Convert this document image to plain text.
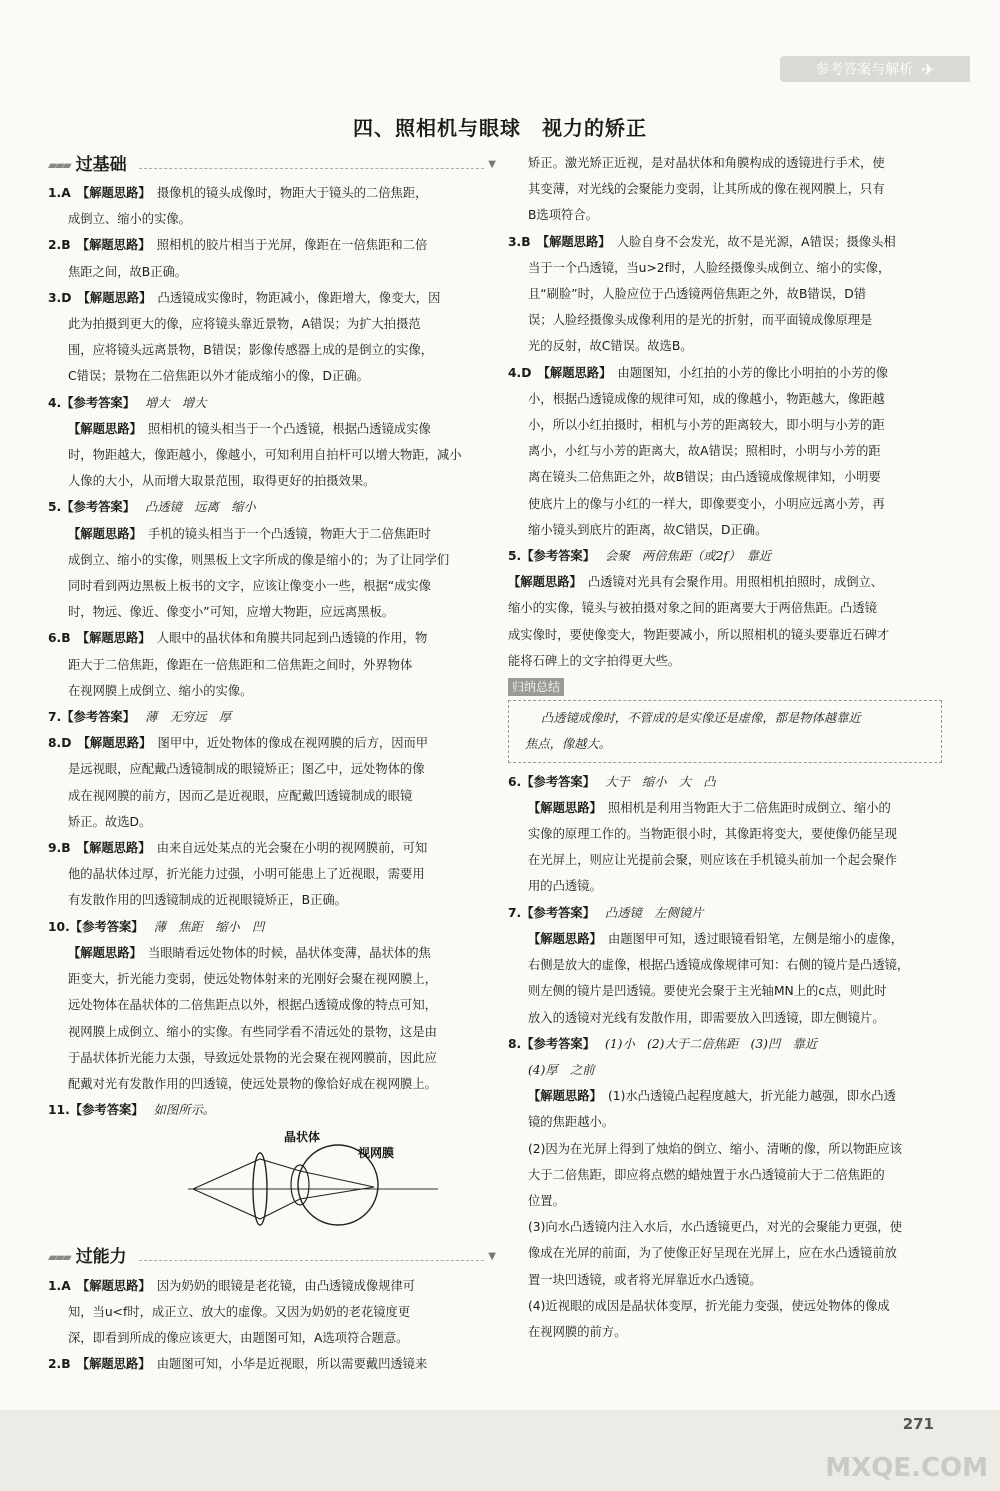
参考答案与解析 ✈
四、照相机与眼球　视力的矫正
▰▰▰ 过基础	▼
1.A　 【解题思路】　 摄像机的镜头成像时，物距大于镜头的二倍焦距，
成倒立、缩小的实像。
2.B　 【解题思路】　 照相机的胶片相当于光屏，像距在一倍焦距和二倍
焦距之间，故B正确。
3.D　 【解题思路】　 凸透镜成实像时，物距减小，像距增大，像变大，因
此为拍摄到更大的像，应将镜头靠近景物，A错误；为扩大拍摄范
围，应将镜头远离景物，B错误；影像传感器上成的是倒立的实像，
C错误；景物在二倍焦距以外才能成缩小的像，D正确。
4.【参考答案】 增大　增大
【解题思路】　 照相机的镜头相当于一个凸透镜，根据凸透镜成实像
时，物距越大，像距越小，像越小，可知利用自拍杆可以增大物距，减小
人像的大小，从而增大取景范围，取得更好的拍摄效果。
5.【参考答案】 凸透镜　远离　缩小
【解题思路】　 手机的镜头相当于一个凸透镜，物距大于二倍焦距时
成倒立、缩小的实像，则黑板上文字所成的像是缩小的；为了让同学们
同时看到两边黑板上板书的文字，应该让像变小一些，根据“成实像
时，物远、像近、像变小”可知，应增大物距，应远离黑板。
6.B　 【解题思路】　 人眼中的晶状体和角膜共同起到凸透镜的作用，物
距大于二倍焦距，像距在一倍焦距和二倍焦距之间时，外界物体
在视网膜上成倒立、缩小的实像。
7.【参考答案】 薄　无穷远　厚
8.D　 【解题思路】　 图甲中，近处物体的像成在视网膜的后方，因而甲
是远视眼，应配戴凸透镜制成的眼镜矫正；图乙中，远处物体的像
成在视网膜的前方，因而乙是近视眼，应配戴凹透镜制成的眼镜
矫正。故选D。
9.B　 【解题思路】　 由来自远处某点的光会聚在小明的视网膜前，可知
他的晶状体过厚，折光能力过强，小明可能患上了近视眼，需要用
有发散作用的凹透镜制成的近视眼镜矫正，B正确。
10.【参考答案】 薄　焦距　缩小　凹
【解题思路】　 当眼睛看远处物体的时候，晶状体变薄，晶状体的焦
距变大，折光能力变弱，使远处物体射来的光刚好会聚在视网膜上，
远处物体在晶状体的二倍焦距点以外，根据凸透镜成像的特点可知，
视网膜上成倒立、缩小的实像。有些同学看不清远处的景物，这是由
于晶状体折光能力太强，导致远处景物的光会聚在视网膜前，因此应
配戴对光有发散作用的凹透镜，使远处景物的像恰好成在视网膜上。
11.【参考答案】 如图所示。
晶状体
视网膜
▰▰▰ 过能力	▼
1.A　 【解题思路】　 因为奶奶的眼镜是老花镜，由凸透镜成像规律可
知，当u<f时，成正立、放大的虚像。又因为奶奶的老花镜度更
深，即看到所成的像应该更大，由题图可知，A选项符合题意。
2.B　 【解题思路】　 由题图可知，小华是近视眼，所以需要戴凹透镜来
矫正。激光矫正近视，是对晶状体和角膜构成的透镜进行手术，使
其变薄，对光线的会聚能力变弱，让其所成的像在视网膜上，只有
B选项符合。
3.B　 【解题思路】　 人脸自身不会发光，故不是光源，A错误；摄像头相
当于一个凸透镜，当u>2f时，人脸经摄像头成倒立、缩小的实像，
且“刷脸”时，人脸应位于凸透镜两倍焦距之外，故B错误，D错
误；人脸经摄像头成像利用的是光的折射，而平面镜成像原理是
光的反射，故C错误。故选B。
4.D　 【解题思路】　 由题图知，小红拍的小芳的像比小明拍的小芳的像
小，根据凸透镜成像的规律可知，成的像越小，物距越大，像距越
小，所以小红拍摄时，相机与小芳的距离较大，即小明与小芳的距
离小，小红与小芳的距离大，故A错误；照相时，小明与小芳的距
离在镜头二倍焦距之外，故B错误；由凸透镜成像规律知，小明要
使底片上的像与小红的一样大，即像要变小，小明应远离小芳，再
缩小镜头到底片的距离，故C错误，D正确。
5.【参考答案】 会聚　两倍焦距（或2f）　靠近
【解题思路】　 凸透镜对光具有会聚作用。用照相机拍照时，成倒立、
缩小的实像，镜头与被拍摄对象之间的距离要大于两倍焦距。凸透镜
成实像时，要使像变大，物距要减小，所以照相机的镜头要靠近石碑才
能将石碑上的文字拍得更大些。
归纳总结
凸透镜成像时，不管成的是实像还是虚像，都是物体越靠近
焦点，像越大。
6.【参考答案】 大于　缩小　大　凸
【解题思路】　 照相机是利用当物距大于二倍焦距时成倒立、缩小的
实像的原理工作的。当物距很小时，其像距将变大，要使像仍能呈现
在光屏上，则应让光提前会聚，则应该在手机镜头前加一个起会聚作
用的凸透镜。
7.【参考答案】 凸透镜　左侧镜片
【解题思路】　 由题图甲可知，透过眼镜看铅笔，左侧是缩小的虚像，
右侧是放大的虚像，根据凸透镜成像规律可知：右侧的镜片是凸透镜，
则左侧的镜片是凹透镜。要使光会聚于主光轴MN上的c点，则此时
放入的透镜对光线有发散作用，即需要放入凹透镜，即左侧镜片。
8.【参考答案】 (1)小　(2)大于二倍焦距　(3)凹　靠近
(4)厚　之前
【解题思路】　 (1)水凸透镜凸起程度越大，折光能力越强，即水凸透
镜的焦距越小。
(2)因为在光屏上得到了烛焰的倒立、缩小、清晰的像，所以物距应该
大于二倍焦距，即应将点燃的蜡烛置于水凸透镜前大于二倍焦距的
位置。
(3)向水凸透镜内注入水后，水凸透镜更凸，对光的会聚能力更强，使
像成在光屏的前面，为了使像正好呈现在光屏上，应在水凸透镜前放
置一块凹透镜，或者将光屏靠近水凸透镜。
(4)近视眼的成因是晶状体变厚，折光能力变强，使远处物体的像成
在视网膜的前方。
271
MXQE.COM
